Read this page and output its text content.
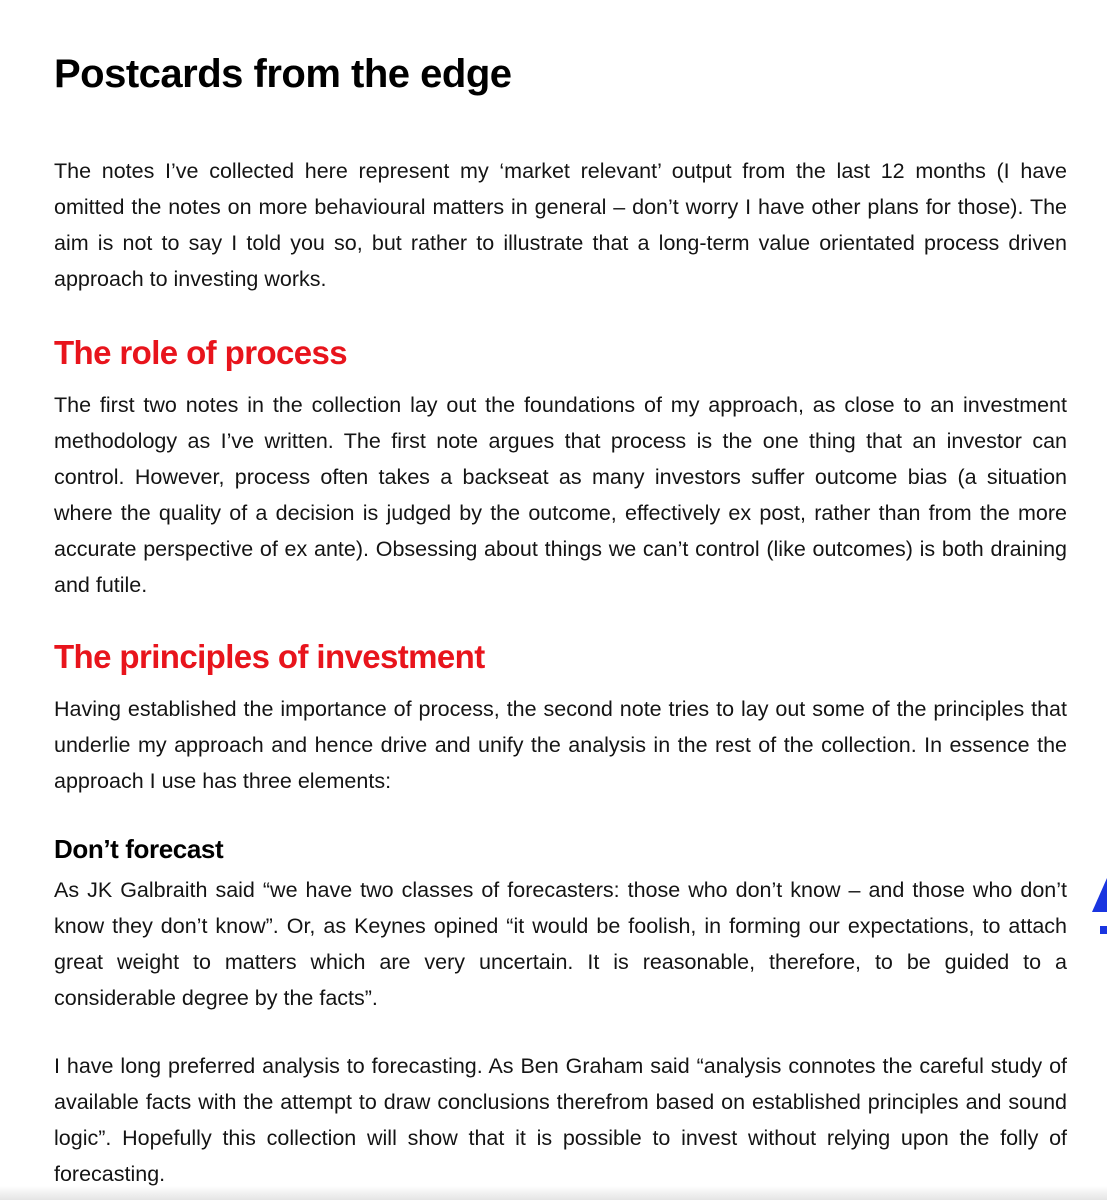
Postcards from the edge

The notes I’ve collected here represent my ‘market relevant’ output from the last 12 months (I have omitted the notes on more behavioural matters in general – don’t worry I have other plans for those). The aim is not to say I told you so, but rather to illustrate that a long-term value orientated process driven approach to investing works.

The role of process

The first two notes in the collection lay out the foundations of my approach, as close to an investment methodology as I’ve written. The first note argues that process is the one thing that an investor can control. However, process often takes a backseat as many investors suffer outcome bias (a situation where the quality of a decision is judged by the outcome, effectively ex post, rather than from the more accurate perspective of ex ante). Obsessing about things we can’t control (like outcomes) is both draining and futile.

The principles of investment

Having established the importance of process, the second note tries to lay out some of the principles that underlie my approach and hence drive and unify the analysis in the rest of the collection. In essence the approach I use has three elements:

Don’t forecast

As JK Galbraith said “we have two classes of forecasters: those who don’t know – and those who don’t know they don’t know”. Or, as Keynes opined “it would be foolish, in forming our expectations, to attach great weight to matters which are very uncertain. It is reasonable, therefore, to be guided to a considerable degree by the facts”.

I have long preferred analysis to forecasting. As Ben Graham said “analysis connotes the careful study of available facts with the attempt to draw conclusions therefrom based on established principles and sound logic”. Hopefully this collection will show that it is possible to invest without relying upon the folly of forecasting.
